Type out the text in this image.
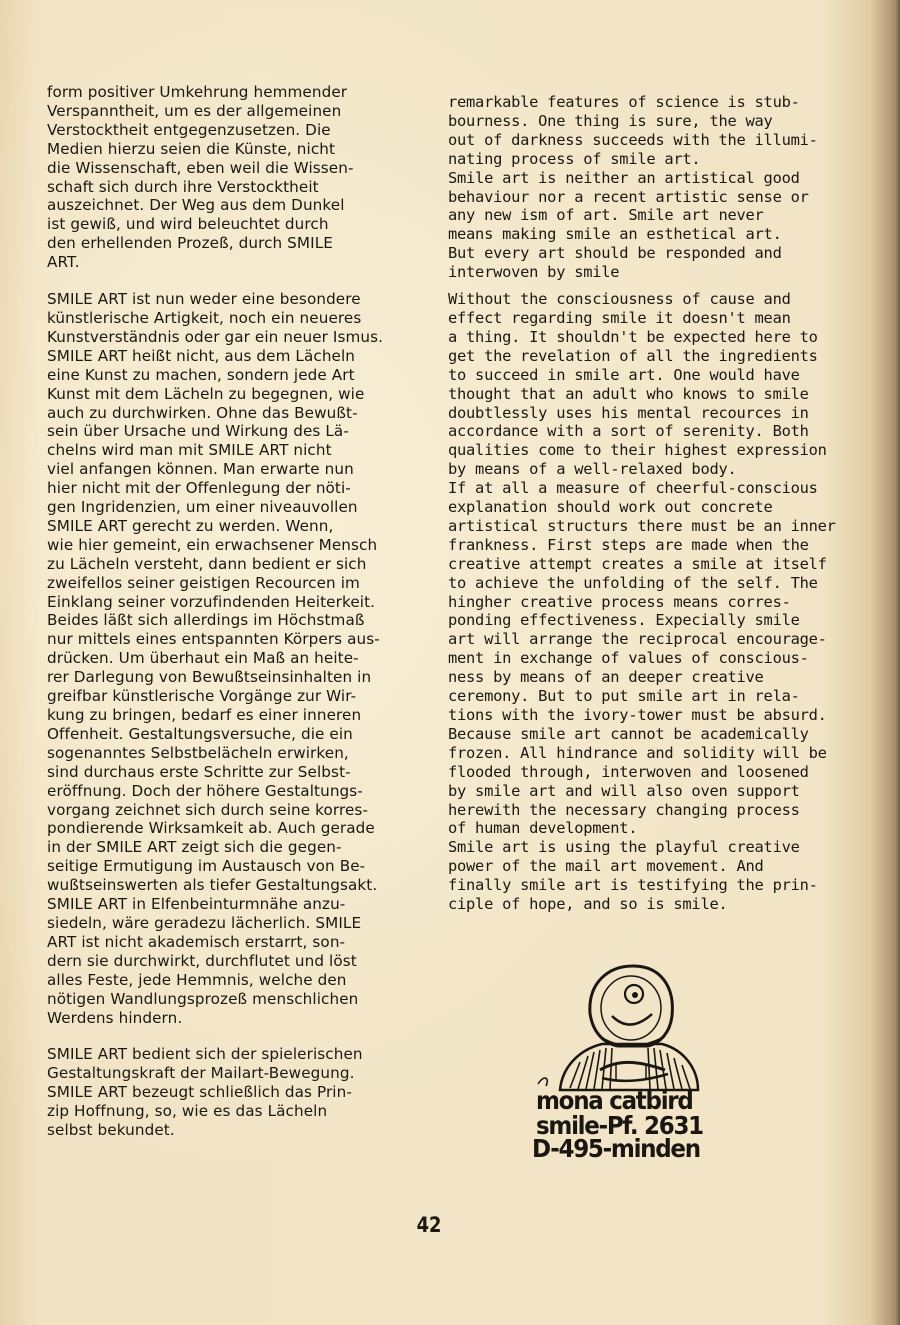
form positiver Umkehrung hemmender
Verspanntheit, um es der allgemeinen
Verstocktheit entgegenzusetzen. Die
Medien hierzu seien die Künste, nicht
die Wissenschaft, eben weil die Wissen-
schaft sich durch ihre Verstocktheit
auszeichnet. Der Weg aus dem Dunkel
ist gewiß, und wird beleuchtet durch
den erhellenden Prozeß, durch SMILE
ART.

SMILE ART ist nun weder eine besondere
künstlerische Artigkeit, noch ein neueres
Kunstverständnis oder gar ein neuer Ismus.
SMILE ART heißt nicht, aus dem Lächeln
eine Kunst zu machen, sondern jede Art
Kunst mit dem Lächeln zu begegnen, wie
auch zu durchwirken. Ohne das Bewußt-
sein über Ursache und Wirkung des Lä-
chelns wird man mit SMILE ART nicht
viel anfangen können. Man erwarte nun
hier nicht mit der Offenlegung der nöti-
gen Ingridenzien, um einer niveauvollen
SMILE ART gerecht zu werden. Wenn,
wie hier gemeint, ein erwachsener Mensch
zu Lächeln versteht, dann bedient er sich
zweifellos seiner geistigen Recourcen im
Einklang seiner vorzufindenden Heiterkeit.
Beides läßt sich allerdings im Höchstmaß
nur mittels eines entspannten Körpers aus-
drücken. Um überhaut ein Maß an heite-
rer Darlegung von Bewußtseinsinhalten in
greifbar künstlerische Vorgänge zur Wir-
kung zu bringen, bedarf es einer inneren
Offenheit. Gestaltungsversuche, die ein
sogenanntes Selbstbelächeln erwirken,
sind durchaus erste Schritte zur Selbst-
eröffnung. Doch der höhere Gestaltungs-
vorgang zeichnet sich durch seine korres-
pondierende Wirksamkeit ab. Auch gerade
in der SMILE ART zeigt sich die gegen-
seitige Ermutigung im Austausch von Be-
wußtseinswerten als tiefer Gestaltungsakt.
SMILE ART in Elfenbeinturmnähe anzu-
siedeln, wäre geradezu lächerlich. SMILE
ART ist nicht akademisch erstarrt, son-
dern sie durchwirkt, durchflutet und löst
alles Feste, jede Hemmnis, welche den
nötigen Wandlungsprozeß menschlichen
Werdens hindern.

SMILE ART bedient sich der spielerischen
Gestaltungskraft der Mailart-Bewegung.
SMILE ART bezeugt schließlich das Prin-
zip Hoffnung, so, wie es das Lächeln
selbst bekundet.

remarkable features of science is stub-
bourness. One thing is sure, the way
out of darkness succeeds with the illumi-
nating process of smile art.
Smile art is neither an artistical good
behaviour nor a recent artistic sense or
any new ism of art. Smile art never
means making smile an esthetical art.
But every art should be responded and
interwoven by smile

Without the consciousness of cause and
effect regarding smile it doesn't mean
a thing. It shouldn't be expected here to
get the revelation of all the ingredients
to succeed in smile art. One would have
thought that an adult who knows to smile
doubtlessly uses his mental recources in
accordance with a sort of serenity. Both
qualities come to their highest expression
by means of a well-relaxed body.
If at all a measure of cheerful-conscious
explanation should work out concrete
artistical structurs there must be an inner
frankness. First steps are made when the
creative attempt creates a smile at itself
to achieve the unfolding of the self. The
hingher creative process means corres-
ponding effectiveness. Expecially smile
art will arrange the reciprocal encourage-
ment in exchange of values of conscious-
ness by means of an deeper creative
ceremony. But to put smile art in rela-
tions with the ivory-tower must be absurd.
Because smile art cannot be academically
frozen. All hindrance and solidity will be
flooded through, interwoven and loosened
by smile art and will also oven support
herewith the necessary changing process
of human development.
Smile art is using the playful creative
power of the mail art movement. And
finally smile art is testifying the prin-
ciple of hope, and so is smile.

mona catbird
smile-Pf. 2631
D-495-minden
42
